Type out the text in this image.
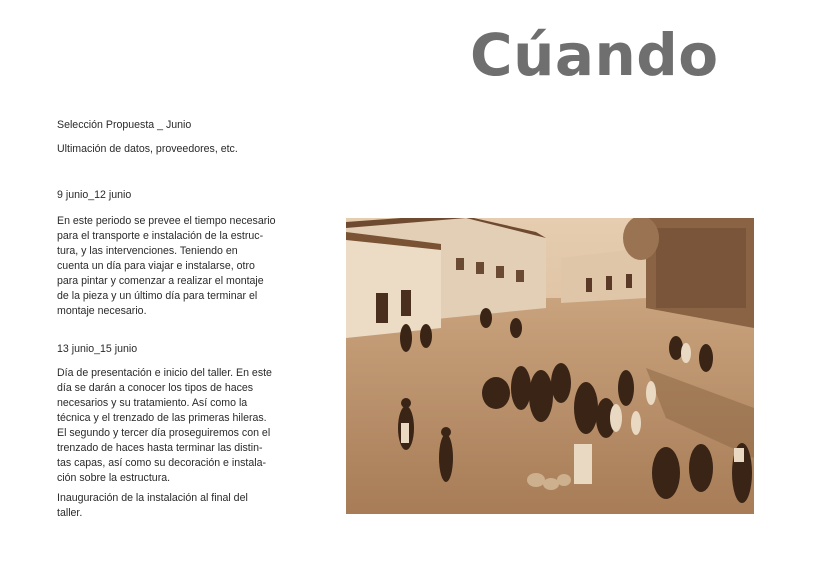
Cúando

Selección Propuesta _ Junio

Ultimación de datos, proveedores, etc.

9 junio_12 junio

En este periodo se prevee el tiempo necesario
para el transporte e instalación de la estruc-
tura, y las intervenciones. Teniendo en
cuenta un día para viajar e instalarse, otro
para pintar y comenzar a realizar el montaje
de la pieza y un último día para terminar el
montaje necesario.

13 junio_15 junio

Día de presentación e inicio del taller. En este
día se darán a conocer los tipos de haces
necesarios y su tratamiento. Así como la
técnica y el trenzado de las primeras hileras.
El segundo y tercer día proseguiremos con el
trenzado de haces hasta terminar las distin-
tas capas, así como su decoración e instala-
ción sobre la estructura.

Inauguración de la instalación al final del
taller.
